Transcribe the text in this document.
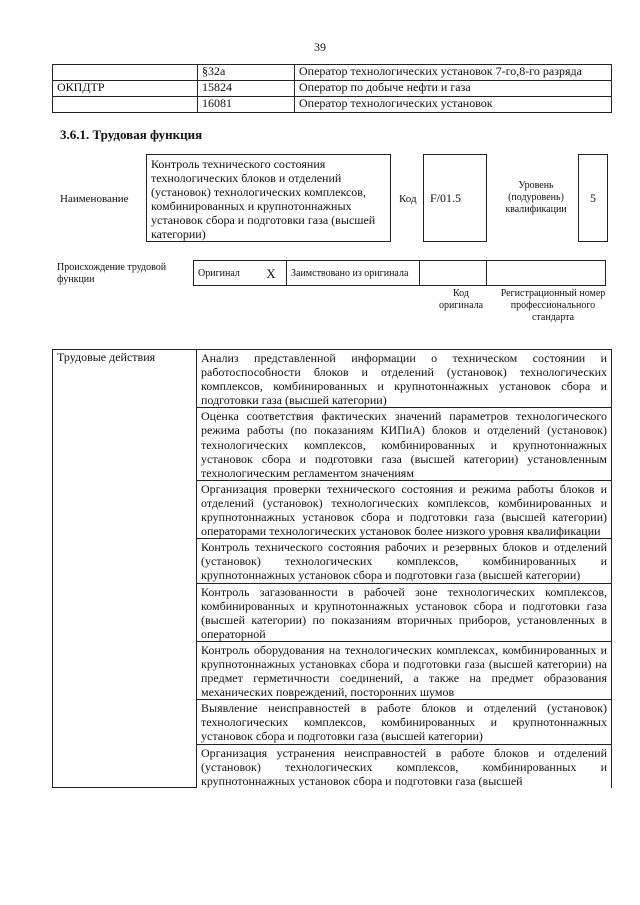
39
	§32a	Оператор технологических установок 7-го,8-го разряда
ОКПДТР	15824	Оператор по добыче нефти и газа
	16081	Оператор технологических установок
3.6.1. Трудовая функция
Наименование
Контроль технического состояния технологических блоков и отделений (установок) технологических комплексов, комбинированных и крупнотоннажных установок сбора и подготовки газа (высшей категории)
Код	F/01.5
Уровень (подуровень) квалификации
5
Происхождение трудовой функции
Оригинал	X	Заимствовано из оригинала		
Код оригинала
Регистрационный номер профессионального стандарта
Трудовые действия	Анализ представленной информации о техническом состоянии и работоспособности блоков и отделений (установок) технологических комплексов, комбинированных и крупнотоннажных установок сбора и подготовки газа (высшей категории)
Оценка соответствия фактических значений параметров технологического режима работы (по показаниям КИПиА) блоков и отделений (установок) технологических комплексов, комбинированных и крупнотоннажных установок сбора и подготовки газа (высшей категории) установленным технологическим регламентом значениям
Организация проверки технического состояния и режима работы блоков и отделений (установок) технологических комплексов, комбинированных и крупнотоннажных установок сбора и подготовки газа (высшей категории) операторами технологических установок более низкого уровня квалификации
Контроль технического состояния рабочих и резервных блоков и отделений (установок) технологических комплексов, комбинированных и крупнотоннажных установок сбора и подготовки газа (высшей категории)
Контроль загазованности в рабочей зоне технологических комплексов, комбинированных и крупнотоннажных установок сбора и подготовки газа (высшей категории) по показаниям вторичных приборов, установленных в операторной
Контроль оборудования на технологических комплексах, комбинированных и крупнотоннажных установках сбора и подготовки газа (высшей категории) на предмет герметичности соединений, а также на предмет образования механических повреждений, посторонних шумов
Выявление неисправностей в работе блоков и отделений (установок) технологических комплексов, комбинированных и крупнотоннажных установок сбора и подготовки газа (высшей категории)
Организация устранения неисправностей в работе блоков и отделений (установок) технологических комплексов, комбинированных и крупнотоннажных установок сбора и подготовки газа (высшей
